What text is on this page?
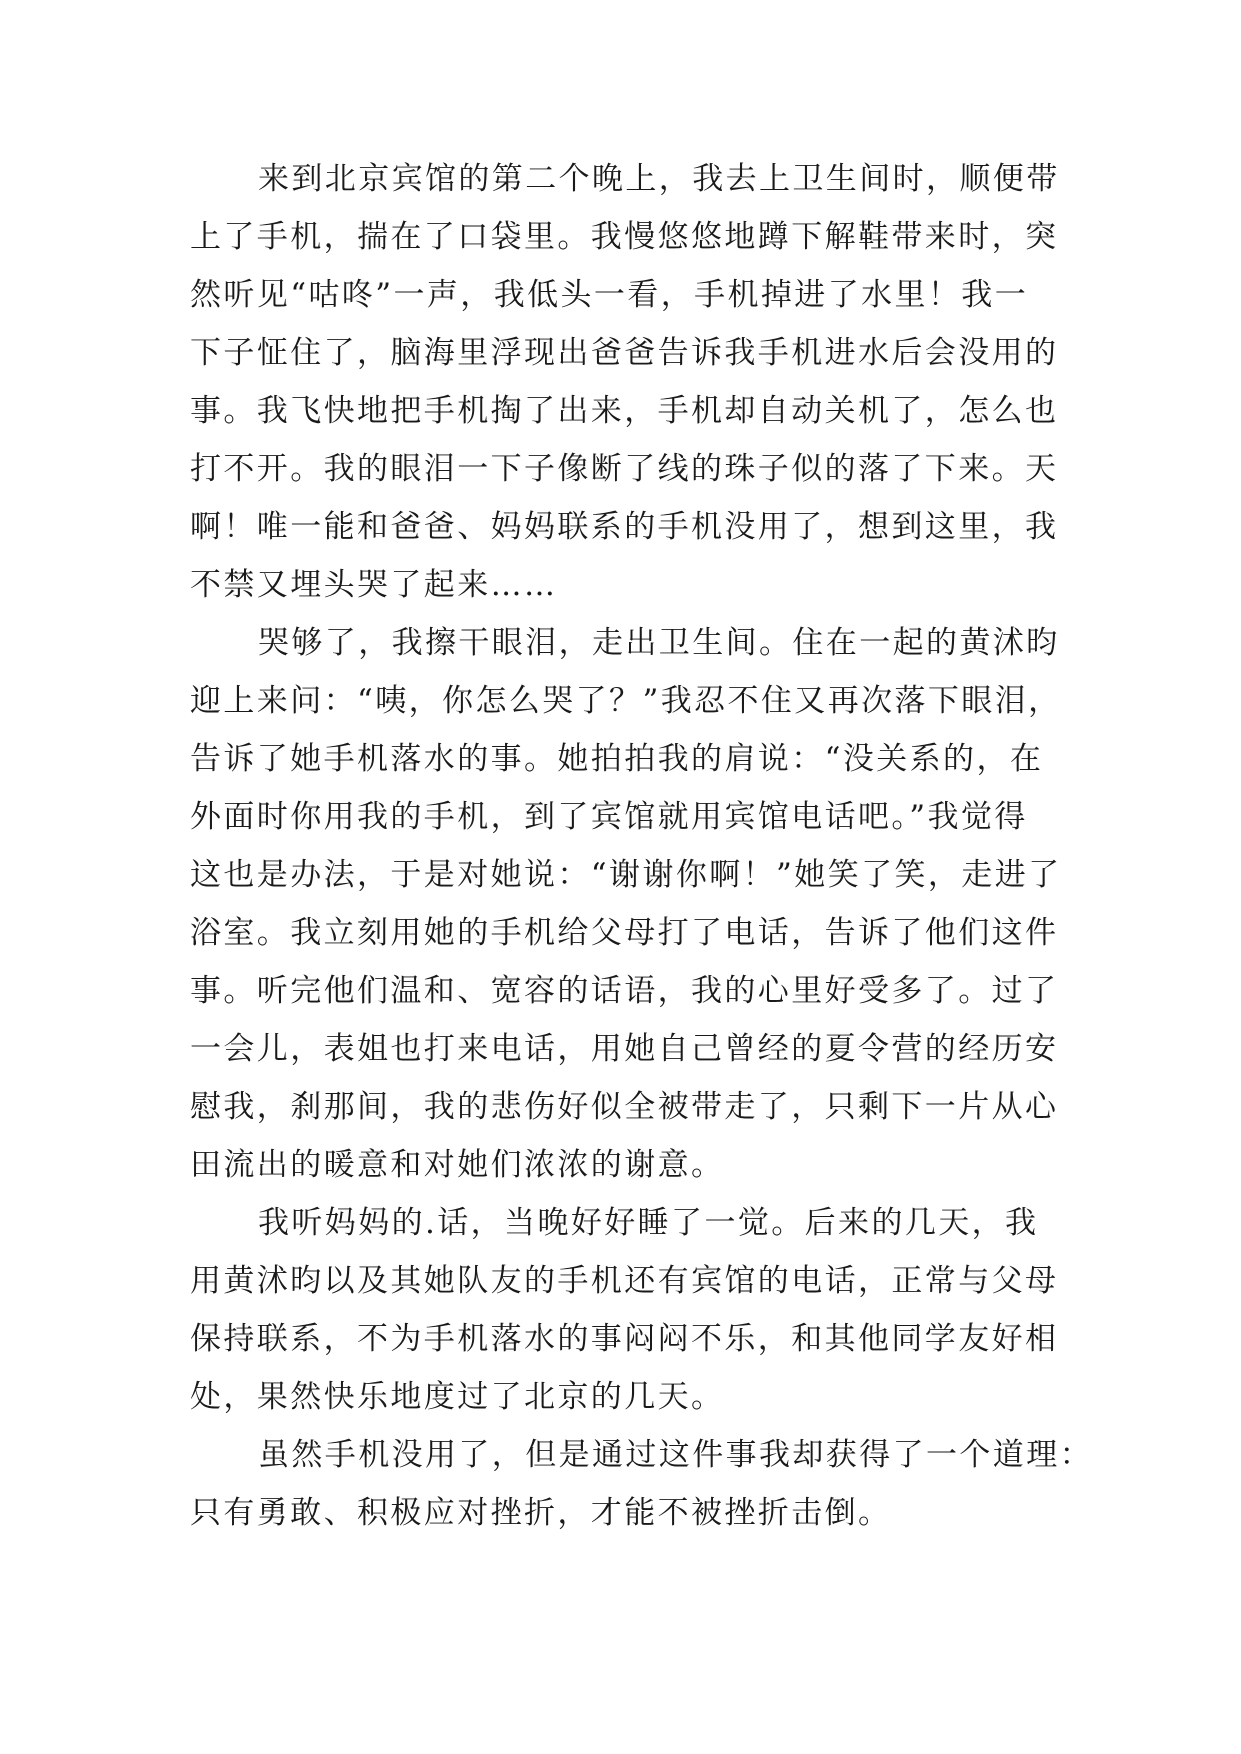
来到北京宾馆的第二个晚上，我去上卫生间时，顺便带
上了手机，揣在了口袋里。我慢悠悠地蹲下解鞋带来时，突
然听见“咕咚”一声，我低头一看，手机掉进了水里！我一
下子怔住了，脑海里浮现出爸爸告诉我手机进水后会没用的
事。我飞快地把手机掏了出来，手机却自动关机了，怎么也
打不开。我的眼泪一下子像断了线的珠子似的落了下来。天
啊！唯一能和爸爸、妈妈联系的手机没用了，想到这里，我
不禁又埋头哭了起来……
哭够了，我擦干眼泪，走出卫生间。住在一起的黄沭昀
迎上来问：“咦，你怎么哭了？”我忍不住又再次落下眼泪，
告诉了她手机落水的事。她拍拍我的肩说：“没关系的，在
外面时你用我的手机，到了宾馆就用宾馆电话吧。”我觉得
这也是办法，于是对她说：“谢谢你啊！”她笑了笑，走进了
浴室。我立刻用她的手机给父母打了电话，告诉了他们这件
事。听完他们温和、宽容的话语，我的心里好受多了。过了
一会儿，表姐也打来电话，用她自己曾经的夏令营的经历安
慰我，刹那间，我的悲伤好似全被带走了，只剩下一片从心
田流出的暖意和对她们浓浓的谢意。
我听妈妈的.话，当晚好好睡了一觉。后来的几天，我
用黄沭昀以及其她队友的手机还有宾馆的电话，正常与父母
保持联系，不为手机落水的事闷闷不乐，和其他同学友好相
处，果然快乐地度过了北京的几天。
虽然手机没用了，但是通过这件事我却获得了一个道理：
只有勇敢、积极应对挫折，才能不被挫折击倒。
